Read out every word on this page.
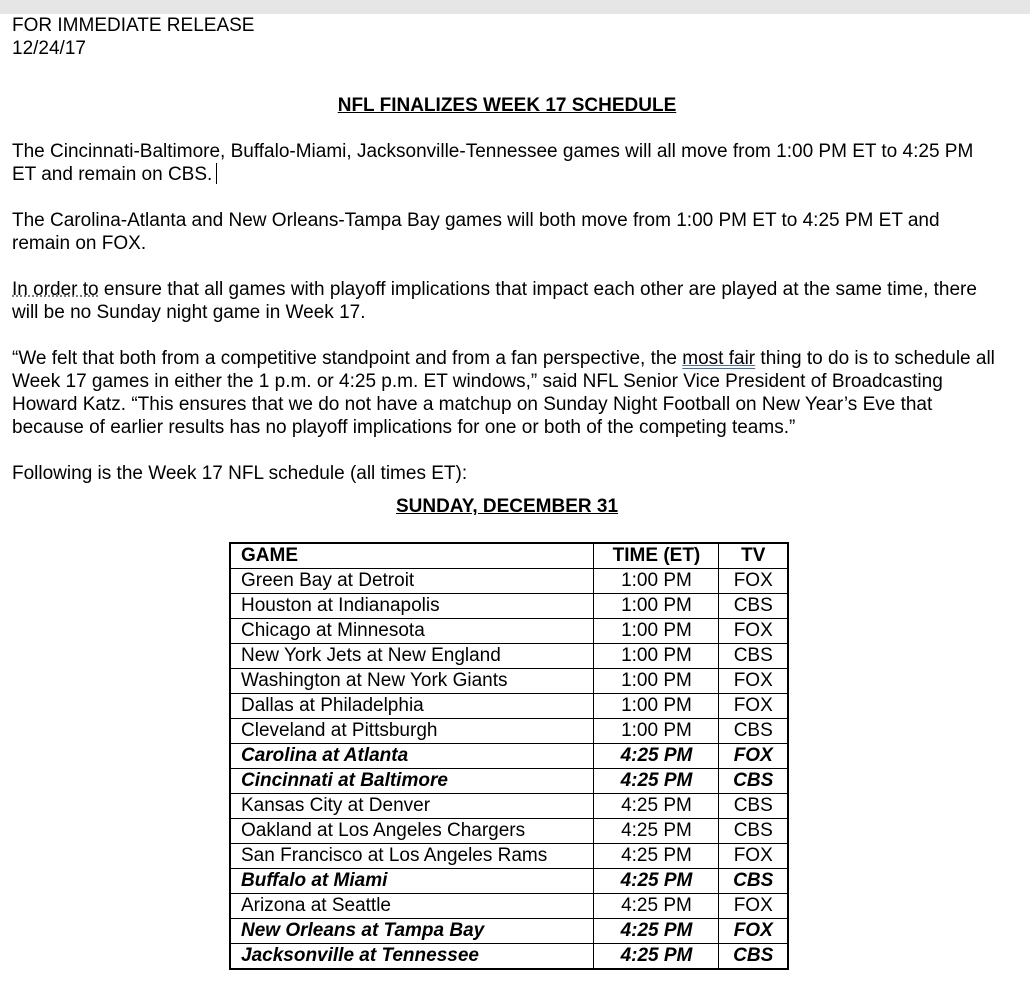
FOR IMMEDIATE RELEASE
12/24/17
NFL FINALIZES WEEK 17 SCHEDULE
The Cincinnati-Baltimore, Buffalo-Miami, Jacksonville-Tennessee games will all move from 1:00 PM ET to 4:25 PM ET and remain on CBS.
The Carolina-Atlanta and New Orleans-Tampa Bay games will both move from 1:00 PM ET to 4:25 PM ET and remain on FOX.
In order to ensure that all games with playoff implications that impact each other are played at the same time, there will be no Sunday night game in Week 17.
“We felt that both from a competitive standpoint and from a fan perspective, the most fair thing to do is to schedule all Week 17 games in either the 1 p.m. or 4:25 p.m. ET windows,” said NFL Senior Vice President of Broadcasting Howard Katz. “This ensures that we do not have a matchup on Sunday Night Football on New Year’s Eve that because of earlier results has no playoff implications for one or both of the competing teams.”
Following is the Week 17 NFL schedule (all times ET):
SUNDAY, DECEMBER 31
GAME	TIME (ET)	TV
Green Bay at Detroit	1:00 PM	FOX
Houston at Indianapolis	1:00 PM	CBS
Chicago at Minnesota	1:00 PM	FOX
New York Jets at New England	1:00 PM	CBS
Washington at New York Giants	1:00 PM	FOX
Dallas at Philadelphia	1:00 PM	FOX
Cleveland at Pittsburgh	1:00 PM	CBS
Carolina at Atlanta	4:25 PM	FOX
Cincinnati at Baltimore	4:25 PM	CBS
Kansas City at Denver	4:25 PM	CBS
Oakland at Los Angeles Chargers	4:25 PM	CBS
San Francisco at Los Angeles Rams	4:25 PM	FOX
Buffalo at Miami	4:25 PM	CBS
Arizona at Seattle	4:25 PM	FOX
New Orleans at Tampa Bay	4:25 PM	FOX
Jacksonville at Tennessee	4:25 PM	CBS
